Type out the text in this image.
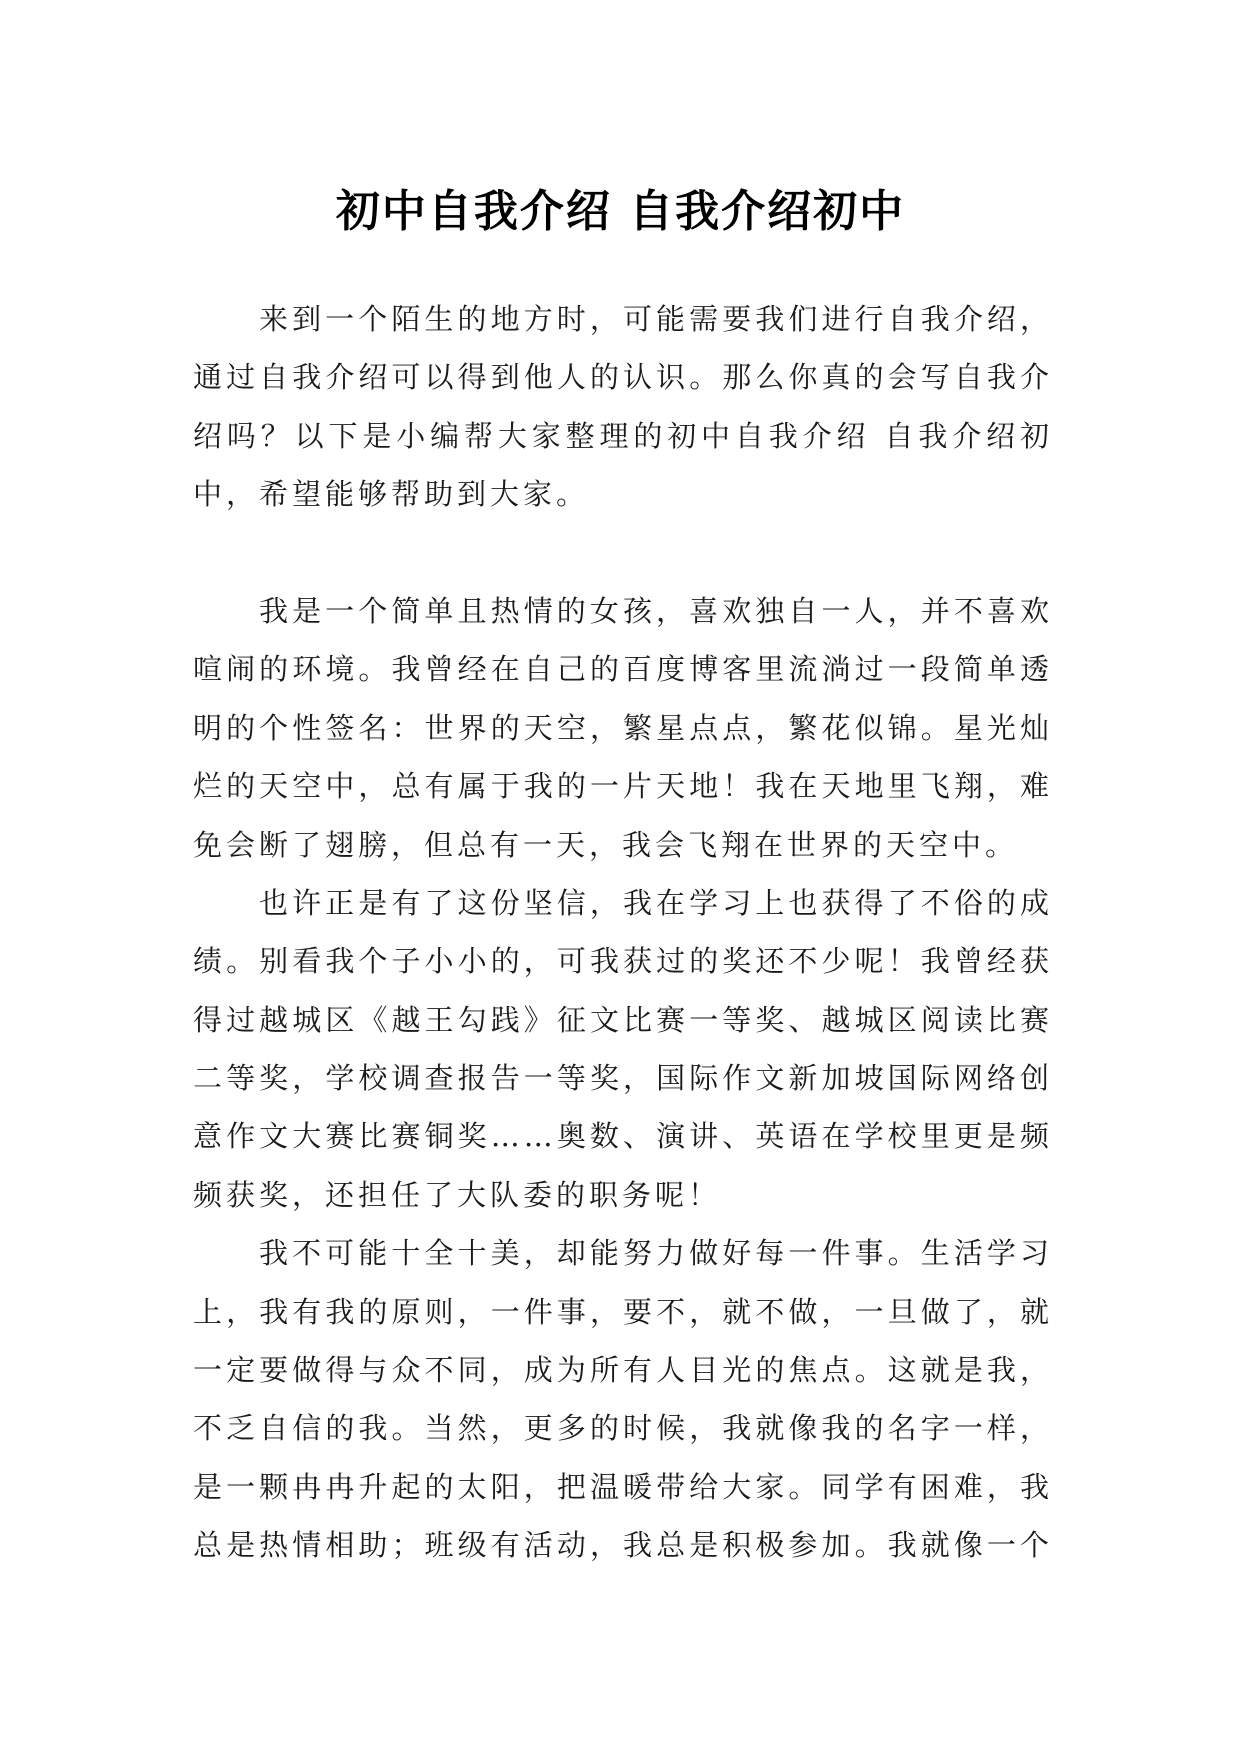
初中自我介绍 自我介绍初中
来到一个陌生的地方时，可能需要我们进行自我介绍，
通过自我介绍可以得到他人的认识。那么你真的会写自我介
绍吗？以下是小编帮大家整理的初中自我介绍 自我介绍初
中，希望能够帮助到大家。
我是一个简单且热情的女孩，喜欢独自一人，并不喜欢
喧闹的环境。我曾经在自己的百度博客里流淌过一段简单透
明的个性签名：世界的天空，繁星点点，繁花似锦。星光灿
烂的天空中，总有属于我的一片天地！我在天地里飞翔，难
免会断了翅膀，但总有一天，我会飞翔在世界的天空中。
也许正是有了这份坚信，我在学习上也获得了不俗的成
绩。别看我个子小小的，可我获过的奖还不少呢！我曾经获
得过越城区《越王勾践》征文比赛一等奖、越城区阅读比赛
二等奖，学校调查报告一等奖，国际作文新加坡国际网络创
意作文大赛比赛铜奖……奥数、演讲、英语在学校里更是频
频获奖，还担任了大队委的职务呢！
我不可能十全十美，却能努力做好每一件事。生活学习
上，我有我的原则，一件事，要不，就不做，一旦做了，就
一定要做得与众不同，成为所有人目光的焦点。这就是我，
不乏自信的我。当然，更多的时候，我就像我的名字一样，
是一颗冉冉升起的太阳，把温暖带给大家。同学有困难，我
总是热情相助；班级有活动，我总是积极参加。我就像一个
